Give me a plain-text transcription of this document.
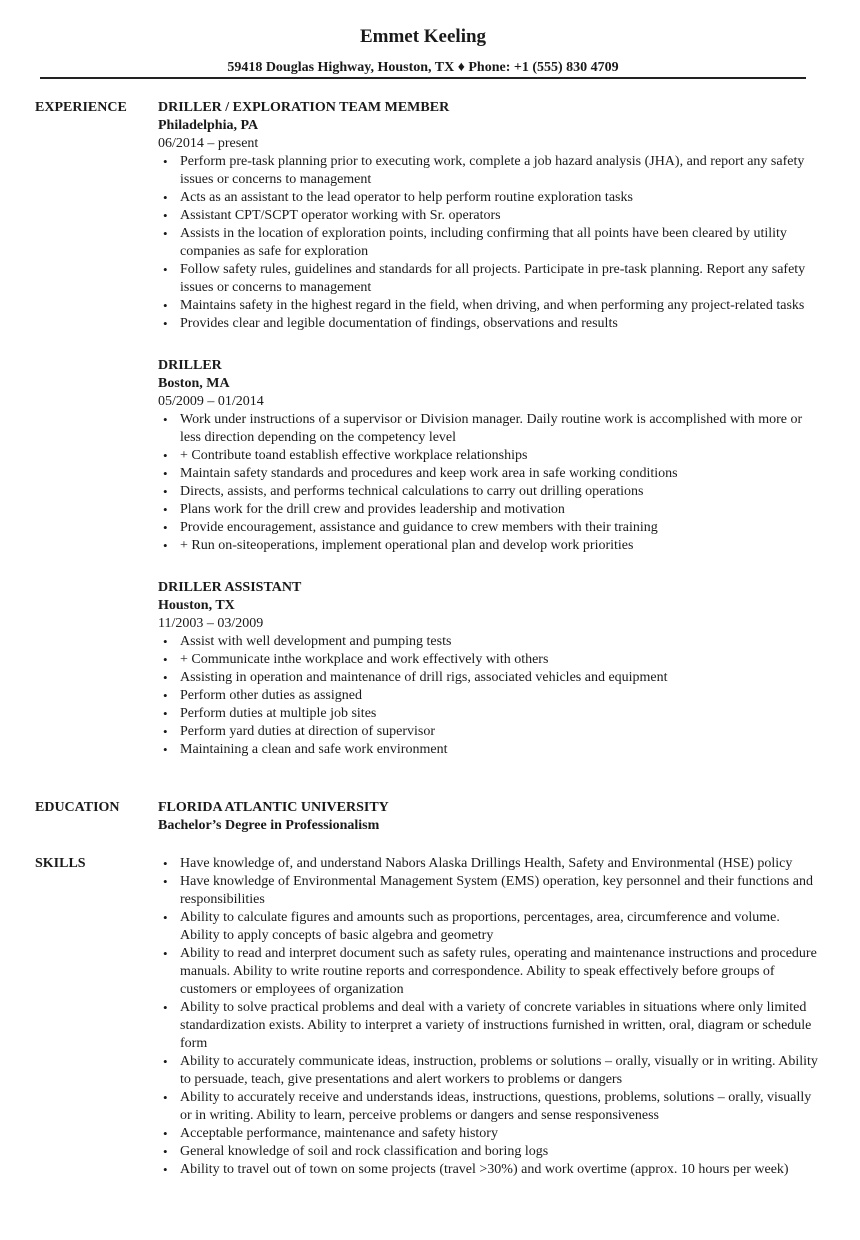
Emmet Keeling
59418 Douglas Highway, Houston, TX ♦ Phone: +1 (555) 830 4709
EXPERIENCE	DRILLER / EXPLORATION TEAM MEMBER
Philadelphia, PA
06/2014 – present
• Perform pre-task planning prior to executing work, complete a job hazard analysis (JHA), and report any safety issues or concerns to management
• Acts as an assistant to the lead operator to help perform routine exploration tasks
• Assistant CPT/SCPT operator working with Sr. operators
• Assists in the location of exploration points, including confirming that all points have been cleared by utility companies as safe for exploration
• Follow safety rules, guidelines and standards for all projects. Participate in pre-task planning. Report any safety issues or concerns to management
• Maintains safety in the highest regard in the field, when driving, and when performing any project-related tasks
• Provides clear and legible documentation of findings, observations and results
DRILLER
Boston, MA
05/2009 – 01/2014
• Work under instructions of a supervisor or Division manager. Daily routine work is accomplished with more or less direction depending on the competency level
• + Contribute toand establish effective workplace relationships
• Maintain safety standards and procedures and keep work area in safe working conditions
• Directs, assists, and performs technical calculations to carry out drilling operations
• Plans work for the drill crew and provides leadership and motivation
• Provide encouragement, assistance and guidance to crew members with their training
• + Run on-siteoperations, implement operational plan and develop work priorities
DRILLER ASSISTANT
Houston, TX
11/2003 – 03/2009
• Assist with well development and pumping tests
• + Communicate inthe workplace and work effectively with others
• Assisting in operation and maintenance of drill rigs, associated vehicles and equipment
• Perform other duties as assigned
• Perform duties at multiple job sites
• Perform yard duties at direction of supervisor
• Maintaining a clean and safe work environment
EDUCATION	FLORIDA ATLANTIC UNIVERSITY
Bachelor’s Degree in Professionalism
SKILLS	• Have knowledge of, and understand Nabors Alaska Drillings Health, Safety and Environmental (HSE) policy
• Have knowledge of Environmental Management System (EMS) operation, key personnel and their functions and responsibilities
• Ability to calculate figures and amounts such as proportions, percentages, area, circumference and volume. Ability to apply concepts of basic algebra and geometry
• Ability to read and interpret document such as safety rules, operating and maintenance instructions and procedure manuals. Ability to write routine reports and correspondence. Ability to speak effectively before groups of customers or employees of organization
• Ability to solve practical problems and deal with a variety of concrete variables in situations where only limited standardization exists. Ability to interpret a variety of instructions furnished in written, oral, diagram or schedule form
• Ability to accurately communicate ideas, instruction, problems or solutions – orally, visually or in writing. Ability to persuade, teach, give presentations and alert workers to problems or dangers
• Ability to accurately receive and understands ideas, instructions, questions, problems, solutions – orally, visually or in writing. Ability to learn, perceive problems or dangers and sense responsiveness
• Acceptable performance, maintenance and safety history
• General knowledge of soil and rock classification and boring logs
• Ability to travel out of town on some projects (travel >30%) and work overtime (approx. 10 hours per week)
